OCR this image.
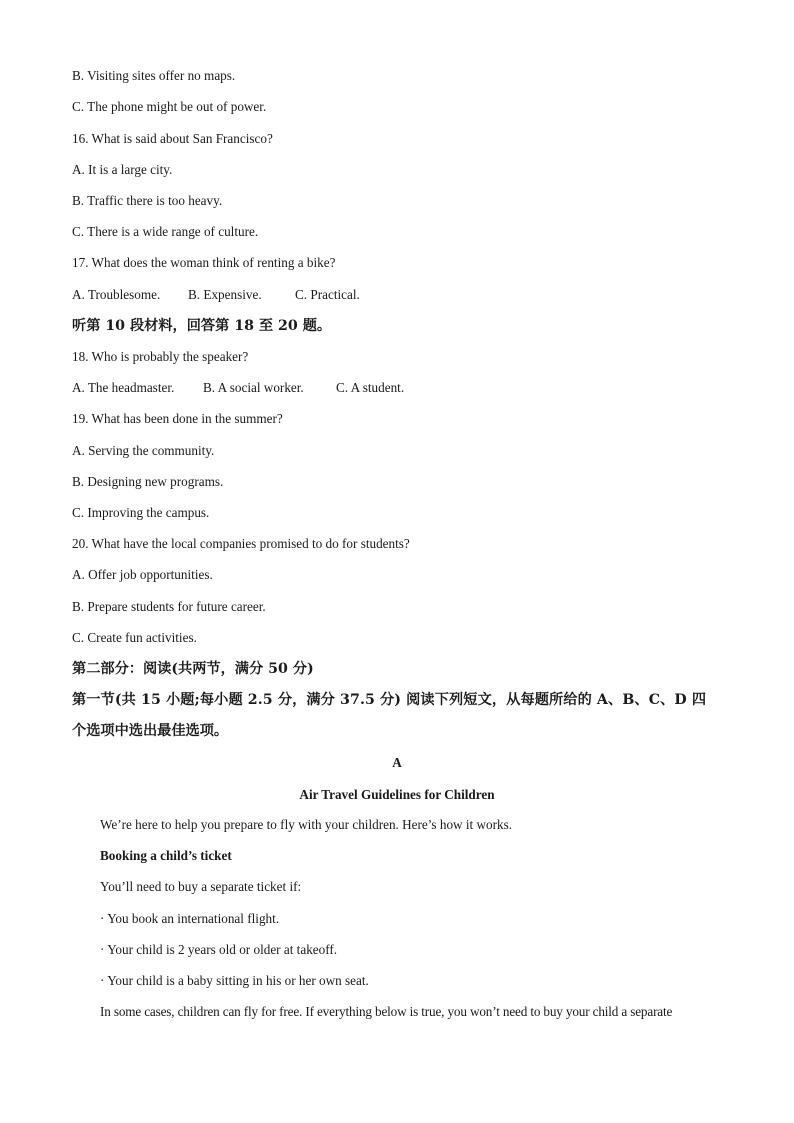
B. Visiting sites offer no maps.
C. The phone might be out of power.
16. What is said about San Francisco?
A. It is a large city.
B. Traffic there is too heavy.
C. There is a wide range of culture.
17. What does the woman think of renting a bike?
A. Troublesome. B. Expensive.	C. Practical.
听第 10 段材料，回答第 18 至 20 题。
18. Who is probably the speaker?
A. The headmaster. B. A social worker. C. A student.
19. What has been done in the summer?
A. Serving the community.
B. Designing new programs.
C. Improving the campus.
20. What have the local companies promised to do for students?
A. Offer job opportunities.
B. Prepare students for future career.
C. Create fun activities.
第二部分：阅读(共两节，满分 50 分)
第一节(共 15 小题;每小题 2.5 分，满分 37.5 分) 阅读下列短文，从每题所给的 A、B、C、D 四
个选项中选出最佳选项。
A
Air Travel Guidelines for Children
We’re here to help you prepare to fly with your children. Here’s how it works.
Booking a child’s ticket
You’ll need to buy a separate ticket if:
· You book an international flight.
· Your child is 2 years old or older at takeoff.
· Your child is a baby sitting in his or her own seat.
In some cases, children can fly for free. If everything below is true, you won’t need to buy your child a separate
